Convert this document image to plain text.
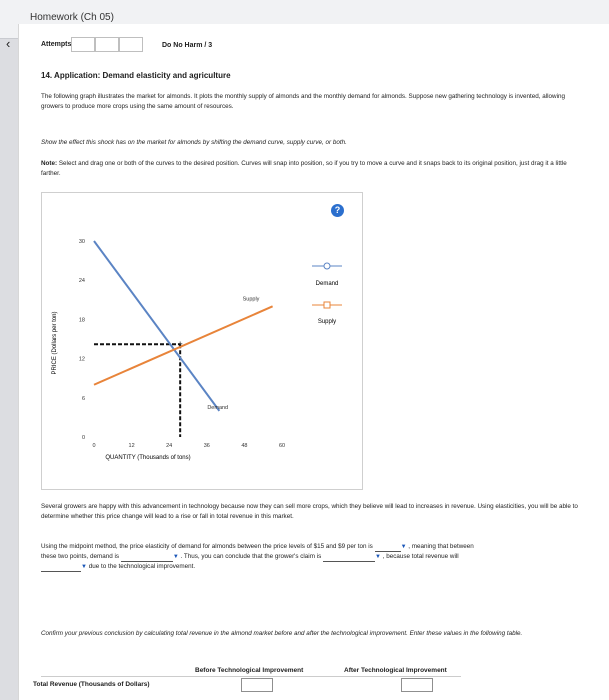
Homework (Ch 05)
‹	Attempts	Do No Harm / 3
14. Application: Demand elasticity and agriculture
The following graph illustrates the market for almonds. It plots the monthly supply of almonds and the monthly demand for almonds. Suppose new gathering technology is invented, allowing growers to produce more crops using the same amount of resources.
Show the effect this shock has on the market for almonds by shifting the demand curve, supply curve, or both.
Note: Select and drag one or both of the curves to the desired position. Curves will snap into position, so if you try to move a curve and it snaps back to its original position, just drag it a little farther.
PRICE (Dollars per ton)
QUANTITY (Thousands of tons)
0
6
12
18
24
30
0	12	24	36	48	60
+
Demand
Supply
Demand
Supply
?
Several growers are happy with this advancement in technology because now they can sell more crops, which they believe will lead to increases in revenue. Using elasticities, you will be able to determine whether this price change will lead to a rise or fall in total revenue in this market.
Using the midpoint method, the price elasticity of demand for almonds between the price levels of $15 and $9 per ton is	▼ , meaning that between
these two points, demand is	▼ . Thus, you can conclude that the grower's claim is	▼ , because total revenue will
▼ due to the technological improvement.
Confirm your previous conclusion by calculating total revenue in the almond market before and after the technological improvement. Enter these values in the following table.
Before Technological Improvement	After Technological Improvement
Total Revenue (Thousands of Dollars)
